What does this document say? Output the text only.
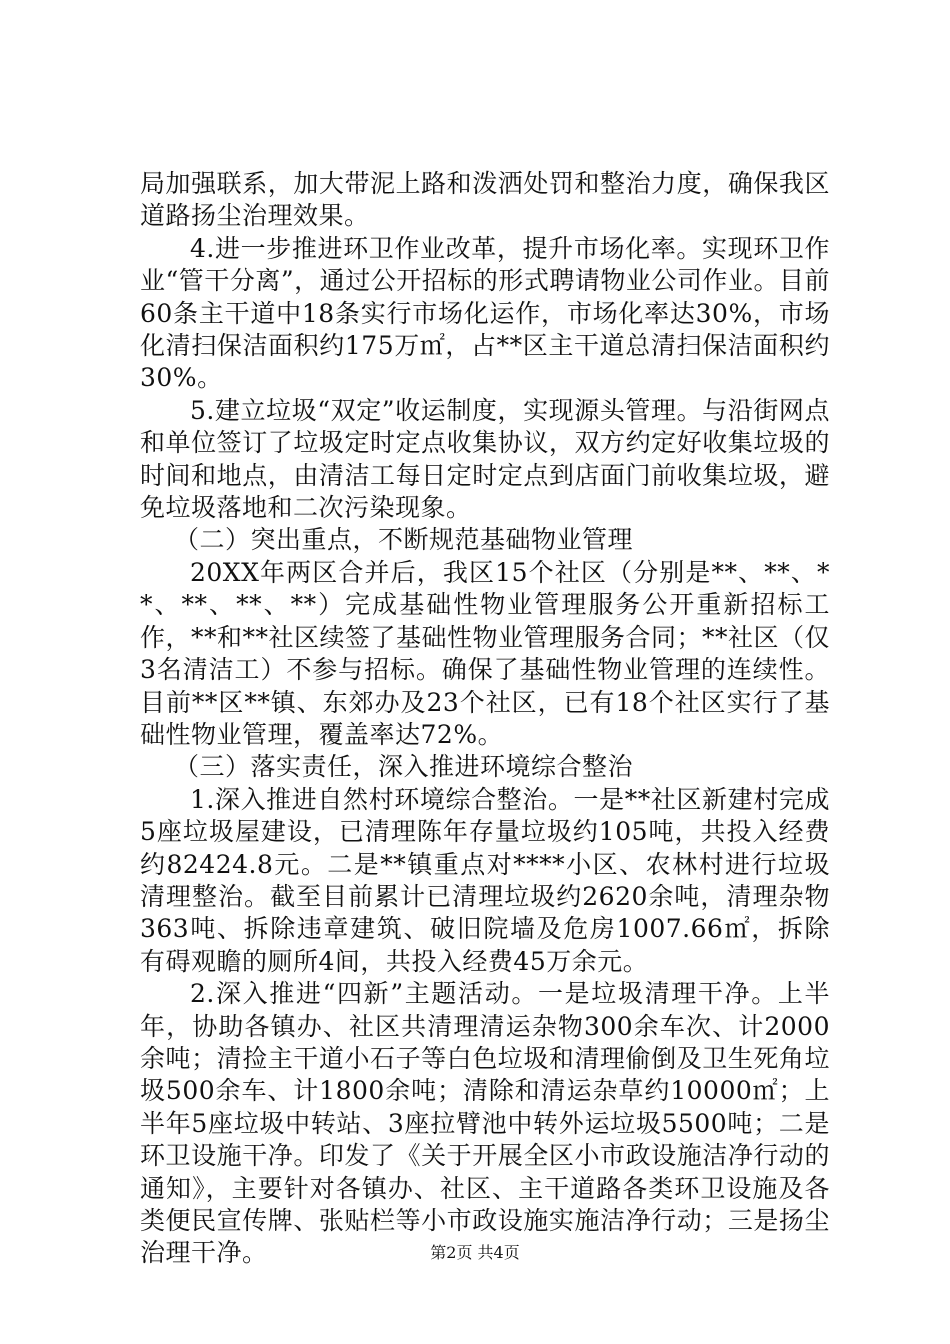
局加强联系，加大带泥上路和泼洒处罚和整治力度，确保我区道路扬尘治理效果。

4.进一步推进环卫作业改革，提升市场化率。实现环卫作业“管干分离”，通过公开招标的形式聘请物业公司作业。目前60条主干道中18条实行市场化运作，市场化率达30%，市场化清扫保洁面积约175万㎡，占**区主干道总清扫保洁面积约30%。

5.建立垃圾“双定”收运制度，实现源头管理。与沿街网点和单位签订了垃圾定时定点收集协议，双方约定好收集垃圾的时间和地点，由清洁工每日定时定点到店面门前收集垃圾，避免垃圾落地和二次污染现象。

（二）突出重点，不断规范基础物业管理

20XX年两区合并后，我区15个社区（分别是**、**、**、**、**、**）完成基础性物业管理服务公开重新招标工作，**和**社区续签了基础性物业管理服务合同；**社区（仅3名清洁工）不参与招标。确保了基础性物业管理的连续性。目前**区**镇、东郊办及23个社区，已有18个社区实行了基础性物业管理，覆盖率达72%。

（三）落实责任，深入推进环境综合整治

1.深入推进自然村环境综合整治。一是**社区新建村完成5座垃圾屋建设，已清理陈年存量垃圾约105吨，共投入经费约82424.8元。二是**镇重点对****小区、农林村进行垃圾清理整治。截至目前累计已清理垃圾约2620余吨，清理杂物363吨、拆除违章建筑、破旧院墙及危房1007.66㎡，拆除有碍观瞻的厕所4间，共投入经费45万余元。

2.深入推进“四新”主题活动。一是垃圾清理干净。上半年，协助各镇办、社区共清理清运杂物300余车次、计2000余吨；清捡主干道小石子等白色垃圾和清理偷倒及卫生死角垃圾500余车、计1800余吨；清除和清运杂草约10000㎡；上半年5座垃圾中转站、3座拉臂池中转外运垃圾5500吨；二是环卫设施干净。印发了《关于开展全区小市政设施洁净行动的通知》，主要针对各镇办、社区、主干道路各类环卫设施及各类便民宣传牌、张贴栏等小市政设施实施洁净行动；三是扬尘治理干净。	第2页 共4页
